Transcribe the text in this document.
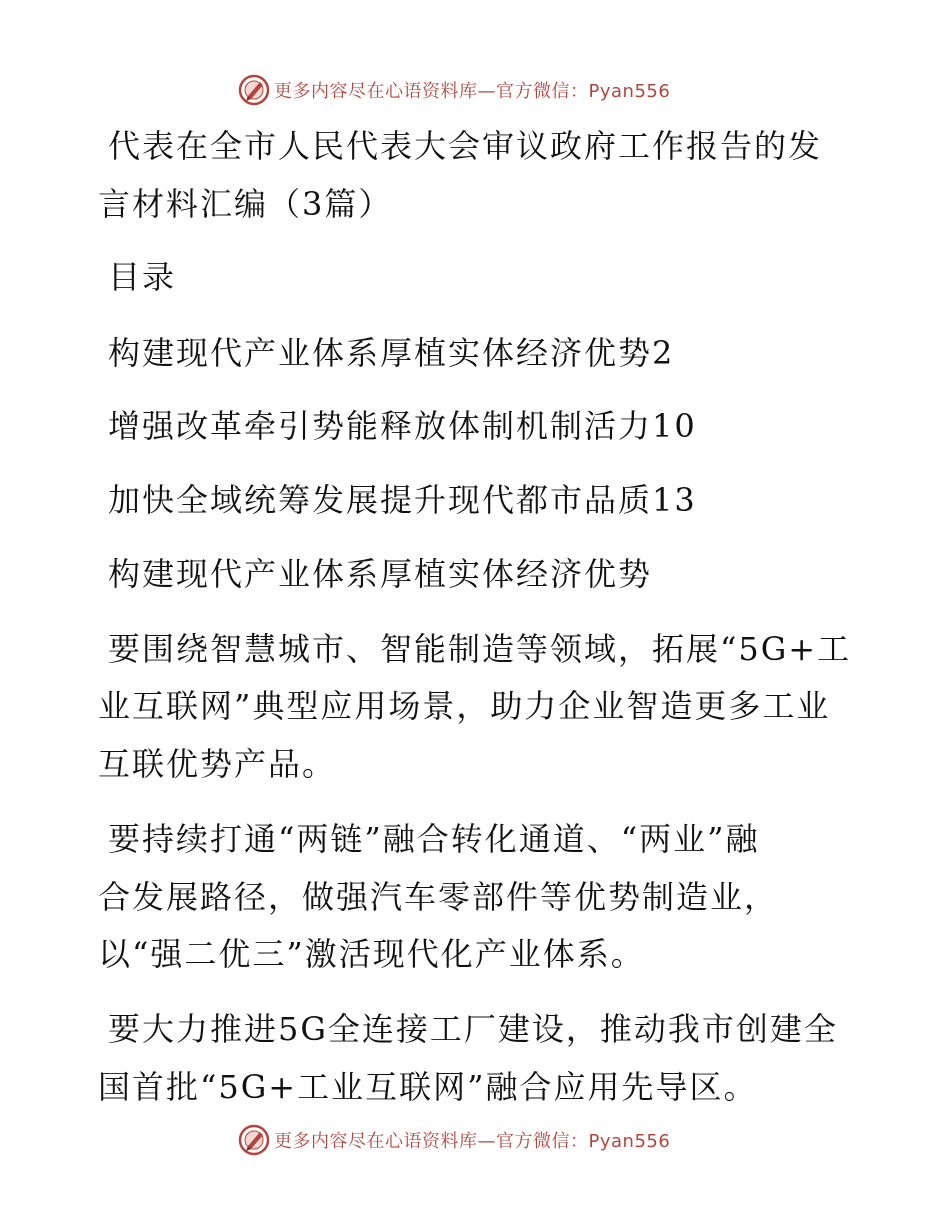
更多内容尽在心语资料库—官方微信：Pyan556
代表在全市人民代表大会审议政府工作报告的发
言材料汇编（3篇）
目录
构建现代产业体系厚植实体经济优势2
增强改革牵引势能释放体制机制活力10
加快全域统筹发展提升现代都市品质13
构建现代产业体系厚植实体经济优势
要围绕智慧城市、智能制造等领域，拓展“5G+工
业互联网”典型应用场景，助力企业智造更多工业
互联优势产品。
要持续打通“两链”融合转化通道、“两业”融
合发展路径，做强汽车零部件等优势制造业，
以“强二优三”激活现代化产业体系。
要大力推进5G全连接工厂建设，推动我市创建全
国首批“5G+工业互联网”融合应用先导区。
更多内容尽在心语资料库—官方微信：Pyan556
